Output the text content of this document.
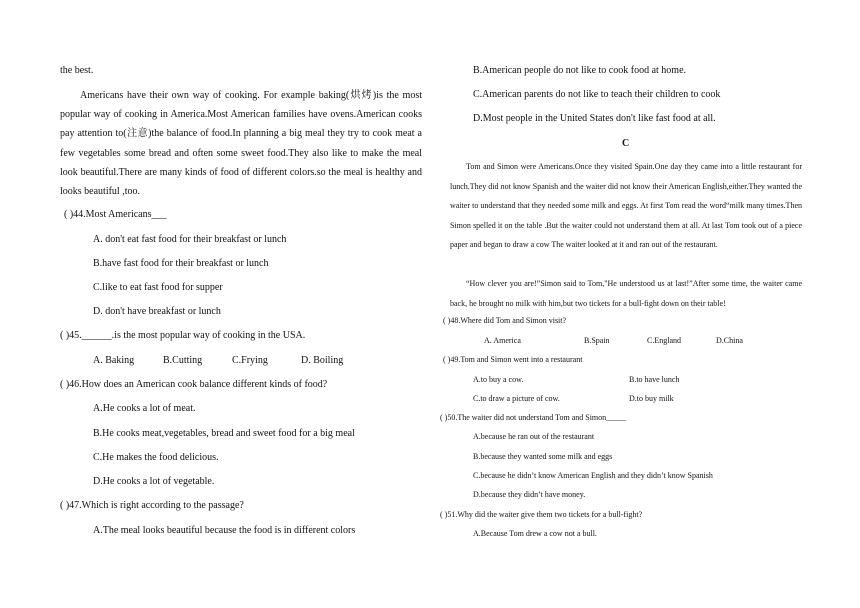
the best.
Americans have their own way of cooking. For example baking(烘烤)is the most popular way of cooking in America.Most American families have ovens.American cooks pay attention to(注意)the balance of food.In planning a big meal they try to cook meat a few vegetables some bread and often some sweet food.They also like to make the meal look beautiful.There are many kinds of food of different colors.so the meal is healthy and looks beautiful ,too.
( )44.Most Americans___
A. don't eat fast food for their breakfast or lunch
B.have fast food for their breakfast or lunch
C.like to eat fast food for supper
D. don't have breakfast or lunch
( )45.______.is the most popular way of cooking in the USA.
A. Baking	B.Cutting	C.Frying	D. Boiling
( )46.How does an American cook balance different kinds of food?
A.He cooks a lot of meat.
B.He cooks meat,vegetables, bread and sweet food for a big meal
C.He makes the food delicious.
D.He cooks a lot of vegetable.
( )47.Which is right according to the passage?
A.The meal looks beautiful because the food is in different colors
B.American people do not like to cook food at home.
C.American parents do not like to teach their children to cook
D.Most people in the United States don't like fast food at all.
C
Tom and Simon were Americans.Once they visited Spain.One day they came into a little restaurant for lunch.They did not know Spanish and the waiter did not know their American English,either.They wanted the waiter to understand that they needed some milk and eggs. At first Tom read the word“milk many times.Then Simon spelled it on the table .But the waiter could not understand them at all. At last Tom took out of a piece paper and began to draw a cow The waiter looked at it and ran out of the restaurant.
“How clever you are!”Simon said to Tom,"He understood us at last!”After some time, the waiter came back, he brought no milk with him,but two tickets for a bull-fight down on their table!
( )48.Where did Tom and Simon visit?
A. America	B.Spain	C.England	D.China
( )49.Tom and Simon went into a restaurant
A.to buy a cow.	B.to have lunch
C.to draw a picture of cow.	D.to buy milk
( )50.The waiter did not understand Tom and Simon_____
A.because he ran out of the restaurant
B.because they wanted some milk and eggs
C.because he didn’t know American English and they didn’t know Spanish
D.because they didn’t have money.
( )51.Why did the waiter give them two tickets for a bull-fight?
A.Because Tom drew a cow not a bull.
